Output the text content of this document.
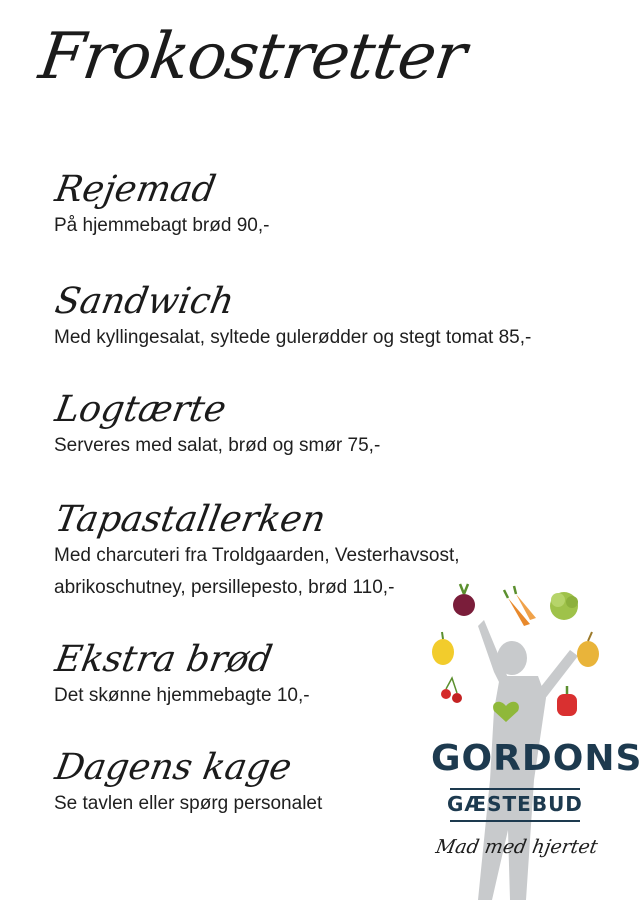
Frokostretter
Rejemad
På hjemmebagt brød 90,-
Sandwich
Med kyllingesalat, syltede gulerødder og stegt tomat 85,-
Logtærte
Serveres med salat, brød og smør 75,-
Tapastallerken
Med charcuteri fra Troldgaarden, Vesterhavsost,
abrikoschutney, persillepesto, brød 110,-
Ekstra brød
Det skønne hjemmebagte 10,-
Dagens kage
Se tavlen eller spørg personalet
GORDONS
GÆSTEBUD
Mad med hjertet
